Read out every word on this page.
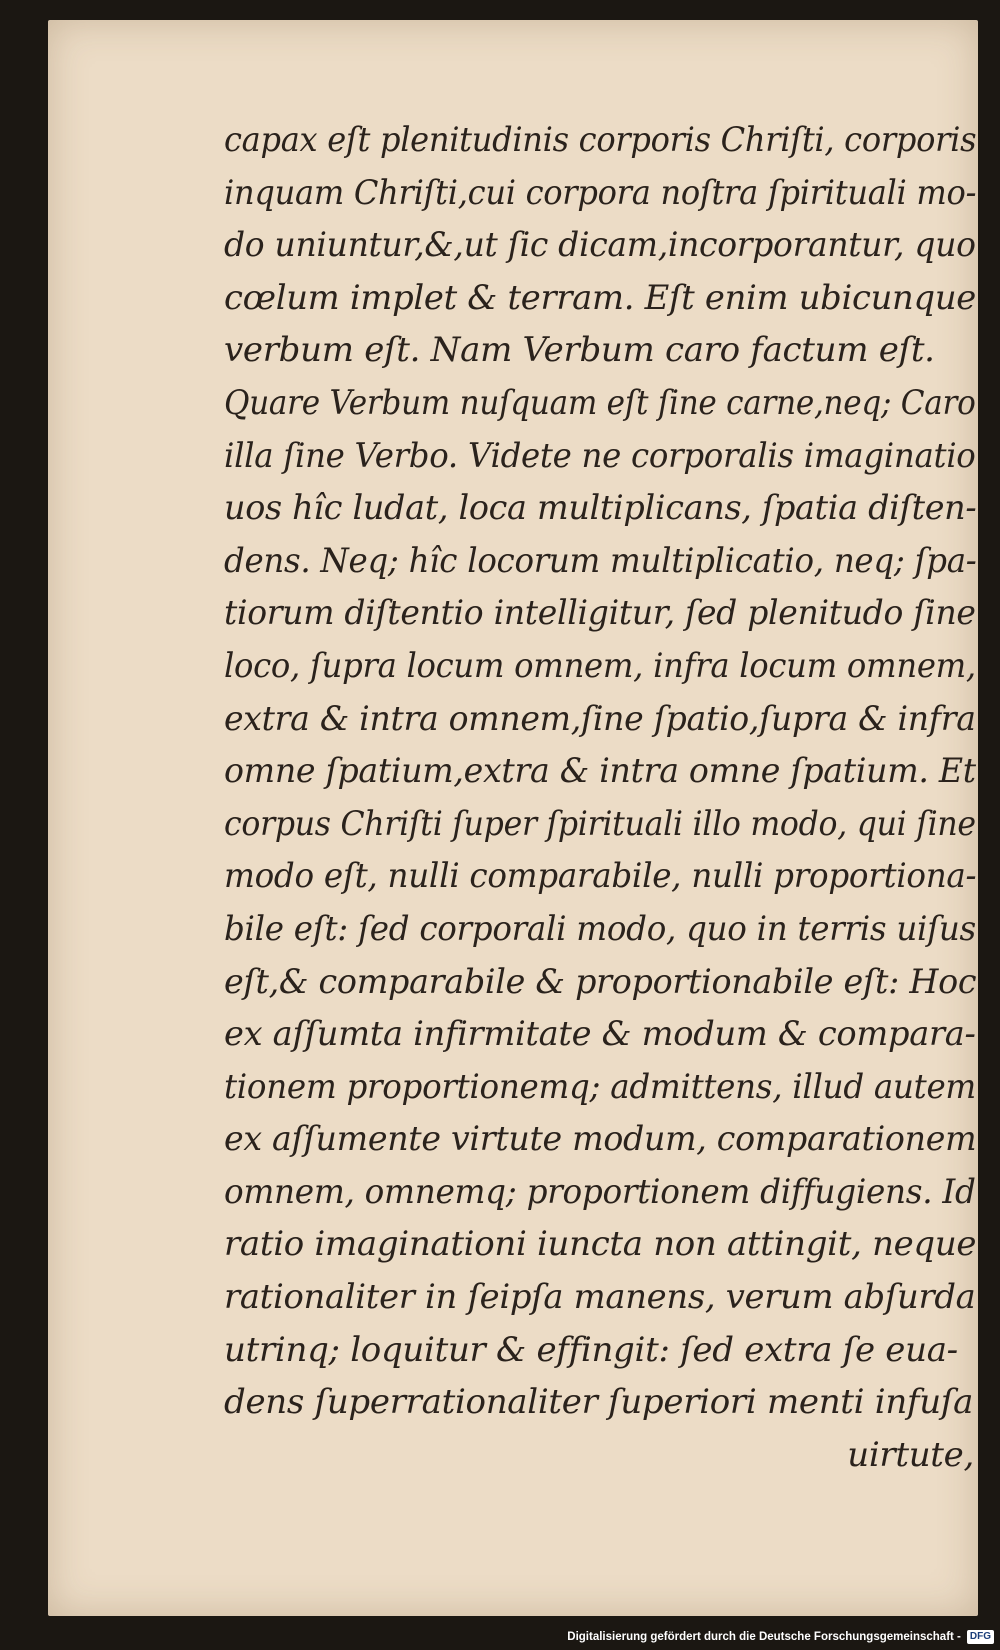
capax eſt plenitudinis corporis Chriſti, corporis
inquam Chriſti,cui corpora noſtra ſpirituali mo-
do uniuntur,&,ut ſic dicam,incorporantur, quo
cœlum implet & terram. Eſt enim ubicunque
verbum eſt. Nam Verbum caro factum eſt.
Quare Verbum nuſquam eſt ſine carne,neq; Caro
illa ſine Verbo. Videte ne corporalis imaginatio
uos hîc ludat, loca multiplicans, ſpatia diſten-
dens. Neq; hîc locorum multiplicatio, neq; ſpa-
tiorum diſtentio intelligitur, ſed plenitudo ſine
loco, ſupra locum omnem, infra locum omnem,
extra & intra omnem,ſine ſpatio,ſupra & infra
omne ſpatium,extra & intra omne ſpatium. Et
corpus Chriſti ſuper ſpirituali illo modo, qui ſine
modo eſt, nulli comparabile, nulli proportiona-
bile eſt: ſed corporali modo, quo in terris uiſus
eſt,& comparabile & proportionabile eſt: Hoc
ex aſſumta infirmitate & modum & compara-
tionem proportionemq; admittens, illud autem
ex aſſumente virtute modum, comparationem
omnem, omnemq; proportionem diffugiens. Id
ratio imaginationi iuncta non attingit, neque
rationaliter in ſeipſa manens, verum abſurda
utrinq; loquitur & effingit: ſed extra ſe eua-
dens ſuperrationaliter ſuperiori menti infuſa
uirtute,
Digitalisierung gefördert durch die Deutsche Forschungsgemeinschaft - DFG
